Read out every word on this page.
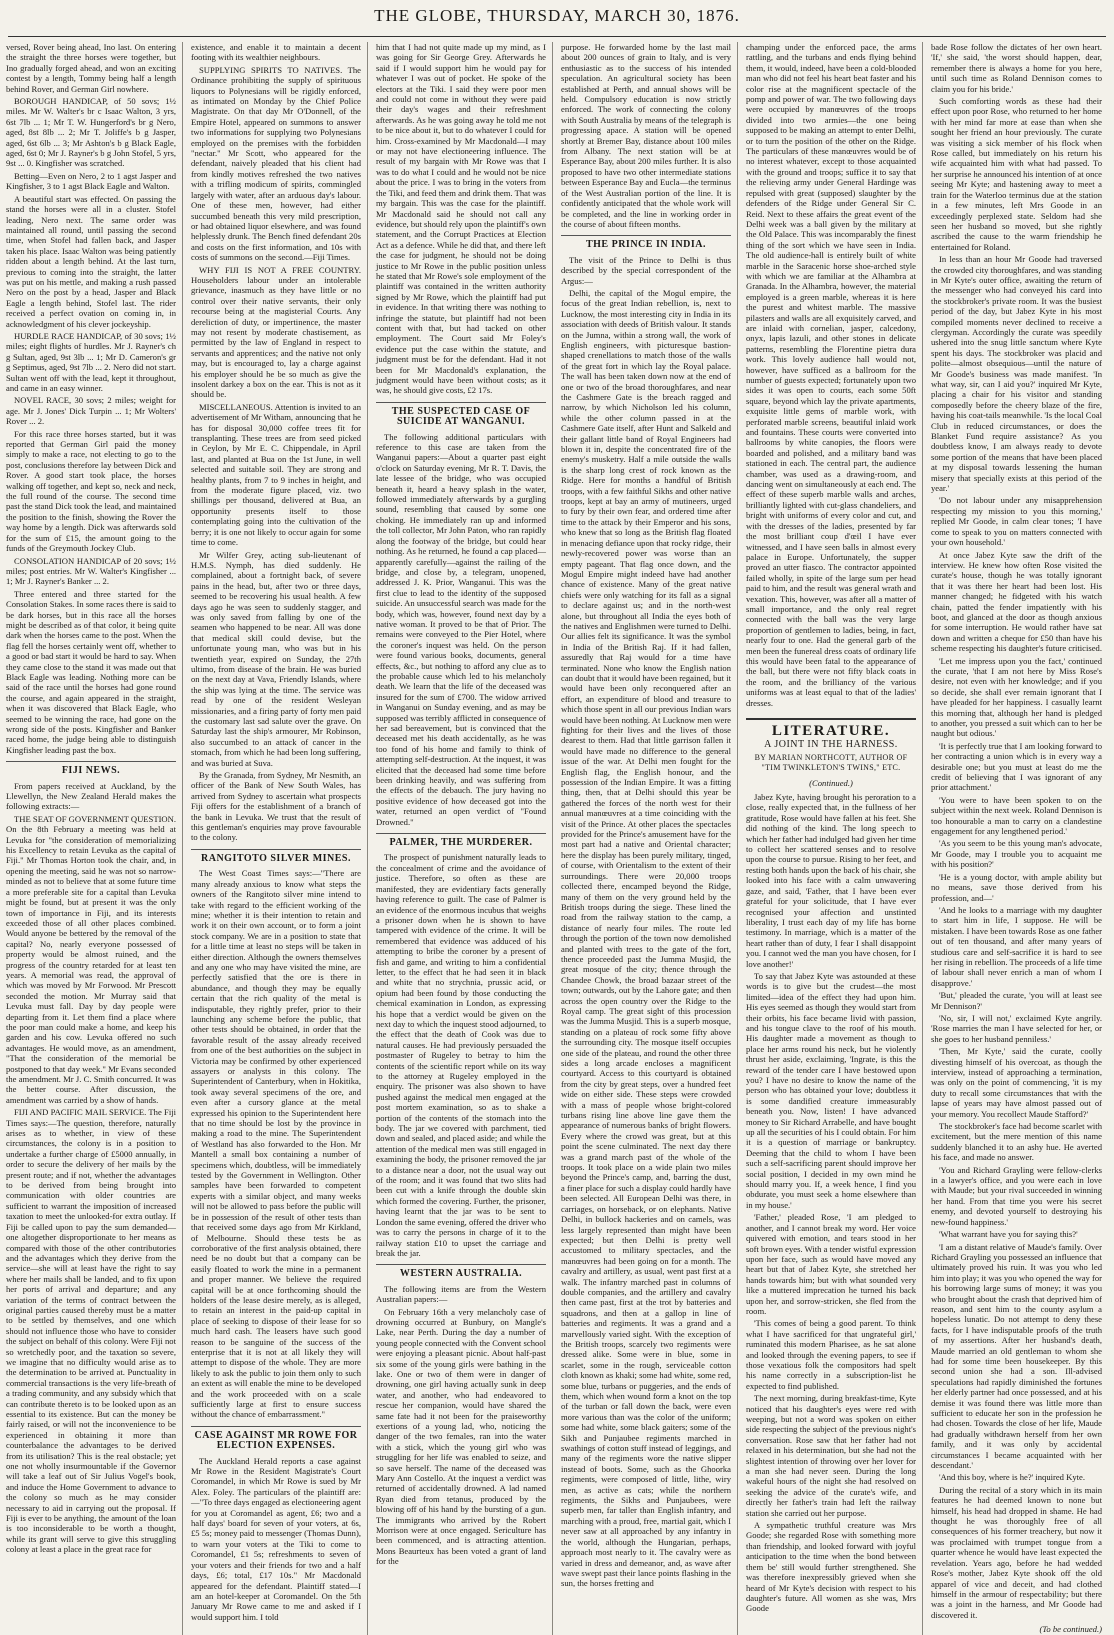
THE GLOBE, THURSDAY, MARCH 30, 1876.

versed, Rover being ahead, Ino last. On entering the straight the three horses were together, but Ino gradually forged ahead, and won an exciting contest by a length, Tommy being half a length behind Rover, and German Girl nowhere.

BOROUGH HANDICAP, of 50 sovs; 1½ miles. Mr W. Walter's br c Isaac Walton, 3 yrs, 6st 7lb ... 1; Mr T. W. Hungerford's br g Nero, aged, 8st 8lb ... 2; Mr T. Joliffe's b g Jasper, aged, 6st 6lb ... 3; Mr Ashton's b g Black Eagle, aged, 6st 0; Mr J. Rayner's b g John Stofel, 5 yrs, 9st ... 0. Kingfisher was scratched.

Betting—Even on Nero, 2 to 1 agst Jasper and Kingfisher, 3 to 1 agst Black Eagle and Walton.

A beautiful start was effected. On passing the stand the horses were all in a cluster. Stofel leading, Nero next. The same order was maintained all round, until passing the second time, when Stofel had fallen back, and Jasper taken his place. Isaac Walton was being patiently ridden about a length behind. At the last turn, previous to coming into the straight, the latter was put on his mettle, and making a rush passed Nero on the post by a head, Jasper and Black Eagle a length behind, Stofel last. The rider received a perfect ovation on coming in, in acknowledgment of his clever jockeyship.

HURDLE RACE HANDICAP, of 30 sovs; 1½ miles; eight flights of hurdles. Mr J. Rayner's ch g Sultan, aged, 9st 3lb ... 1; Mr D. Cameron's gr g Septimus, aged, 9st 7lb ... 2. Nero did not start. Sultan went off with the lead, kept it throughout, and came in an easy winner.

NOVEL RACE, 30 sovs; 2 miles; weight for age. Mr J. Jones' Dick Turpin ... 1; Mr Wolters' Rover ... 2.

For this race three horses started, but it was reported that German Girl paid the money simply to make a race, not electing to go to the post, conclusions therefore lay between Dick and Rover. A good start took place, the horses walking off together, and kept so, neck and neck, the full round of the course. The second time past the stand Dick took the lead, and maintained the position to the finish, showing the Rover the way home by a length. Dick was afterwards sold for the sum of £15, the amount going to the funds of the Greymouth Jockey Club.

CONSOLATION HANDICAP of 20 sovs; 1½ miles; post entries. Mr W. Walter's Kingfisher ... 1; Mr J. Rayner's Banker ... 2.

Three entered and three started for the Consolation Stakes. In some races there is said to be dark horses, but in this race all the horses might be described as of that color, it being quite dark when the horses came to the post. When the flag fell the horses certainly went off, whether to a good or bad start it would be hard to say. When they came close to the stand it was made out that Black Eagle was leading. Nothing more can be said of the race until the horses had gone round the course, and again appeared in the straight, when it was discovered that Black Eagle, who seemed to be winning the race, had gone on the wrong side of the posts. Kingfisher and Banker raced home, the judge being able to distinguish Kingfisher leading past the box.

FIJI NEWS.

From papers received at Auckland, by the Llewellyn, the New Zealand Herald makes the following extracts:—

THE SEAT OF GOVERNMENT QUESTION. On the 8th February a meeting was held at Levuka for "the consideration of memorializing his Excellency to retain Levuka as the capital of Fiji." Mr Thomas Horton took the chair, and, in opening the meeting, said he was not so narrow-minded as not to believe that at some future time a more preferable site for a capital than Levuka might be found, but at present it was the only town of importance in Fiji, and its interests exceeded those of all other places combined. Would anyone be bettered by the removal of the capital? No, nearly everyone possessed of property would be almost ruined, and the progress of the country retarded for at least ten years. A memorial was read, the approval of which was moved by Mr Forwood. Mr Prescott seconded the motion. Mr Murray said that Levuka must fall. Day by day people were departing from it. Let them find a place where the poor man could make a home, and keep his garden and his cow. Levuka offered no such advantages. He would move, as an amendment, "That the consideration of the memorial be postponed to that day week." Mr Evans seconded the amendment. Mr J. C. Smith concurred. It was the better course. After discussion, the amendment was carried by a show of hands.

FIJI AND PACIFIC MAIL SERVICE. The Fiji Times says:—The question, therefore, naturally arises as to whether, in view of these circumstances, the colony is in a position to undertake a further charge of £5000 annually, in order to secure the delivery of her mails by the present route; and if not, whether the advantages to be derived from being brought into communication with older countries are sufficient to warrant the imposition of increased taxation to meet the unlooked-for extra outlay. If Fiji be called upon to pay the sum demanded—one altogether disproportionate to her means as compared with those of the other contributories and the advantages which they derive from the service—she will at least have the right to say where her mails shall be landed, and to fix upon her ports of arrival and departure; and any variation of the terms of contract between the original parties caused thereby must be a matter to be settled by themselves, and one which should not influence those who have to consider the subject on behalf of this colony. Were Fiji not so wretchedly poor, and the taxation so severe, we imagine that no difficulty would arise as to the determination to be arrived at. Punctuality in commercial transactions is the very life-breath of a trading community, and any subsidy which that can contribute thereto is to be looked upon as an essential to its existence. But can the money be fairly raised, or will not the inconvenience to be experienced in obtaining it more than counterbalance the advantages to be derived from its utilisation? This is the real obstacle; yet one not wholly insurmountable if the Governor will take a leaf out of Sir Julius Vogel's book, and induce the Home Government to advance to the colony so much as he may consider necessary to aid in carrying out the proposal. If Fiji is ever to be anything, the amount of the loan is too inconsiderable to be worth a thought, while its grant will serve to give this struggling colony at least a place in the great race for

existence, and enable it to maintain a decent footing with its wealthier neighbours.

SUPPLYING SPIRITS TO NATIVES. The Ordinance prohibiting the supply of spirituous liquors to Polynesians will be rigidly enforced, as intimated on Monday by the Chief Police Magistrate. On that day Mr O'Donnell, of the Empire Hotel, appeared on summons to answer two informations for supplying two Polynesians employed on the premises with the forbidden "nectar." Mr Scott, who appeared for the defendant, naively pleaded that his client had from kindly motives refreshed the two natives with a trifling modicum of spirits, commingled largely with water, after an arduous day's labour. One of these men, however, had either succumbed beneath this very mild prescription, or had obtained liquor elsewhere, and was found helplessly drunk. The Bench fined defendant 20s and costs on the first information, and 10s with costs of summons on the second.—Fiji Times.

WHY FIJI IS NOT A FREE COUNTRY. Householders labour under an intolerable grievance, inasmuch as they have little or no control over their native servants, their only recourse being at the magisterial Courts. Any dereliction of duty, or impertinence, the master may not resent by moderate chastisement, as permitted by the law of England in respect to servants and apprentices; and the native not only may, but is encouraged to, lay a charge against his employer should he be so much as give the insolent darkey a box on the ear. This is not as it should be.

MISCELLANEOUS. Attention is invited to an advertisement of Mr Witham, announcing that he has for disposal 30,000 coffee trees fit for transplanting. These trees are from seed picked in Ceylon, by Mr E. C. Chippendale, in April last, and planted at Bua on the 1st June, in well selected and suitable soil. They are strong and healthy plants, from 7 to 9 inches in height, and from the moderate figure placed, viz. two shillings per thousand, delivered at Bua, an opportunity presents itself to those contemplating going into the cultivation of the berry; it is one not likely to occur again for some time to come.

Mr Wilfer Grey, acting sub-lieutenant of H.M.S. Nymph, has died suddenly. He complained, about a fortnight back, of severe pains in the head, but, after two or three days, seemed to be recovering his usual health. A few days ago he was seen to suddenly stagger, and was only saved from falling by one of the seamen who happened to be near. All was done that medical skill could devise, but the unfortunate young man, who was but in his twentieth year, expired on Sunday, the 27th ultimo, from disease of the brain. He was buried on the next day at Vava, Friendly Islands, where the ship was lying at the time. The service was read by one of the resident Wesleyan missionaries, and a firing party of forty men paid the customary last sad salute over the grave. On Saturday last the ship's armourer, Mr Robinson, also succumbed to an attack of cancer in the stomach, from which he had been long suffering, and was buried at Suva.

By the Granada, from Sydney, Mr Nesmith, an officer of the Bank of New South Wales, has arrived from Sydney to ascertain what prospects Fiji offers for the establishment of a branch of the bank in Levuka. We trust that the result of this gentleman's enquiries may prove favourable to the colony.

RANGITOTO SILVER MINES.

The West Coast Times says:—"There are many already anxious to know what steps the owners of the Rangitoto silver mine intend to take with regard to the efficient working of the mine; whether it is their intention to retain and work it on their own account, or to form a joint stock company. We are in a position to state that for a little time at least no steps will be taken in either direction. Although the owners themselves and any one who may have visited the mine, are perfectly satisfied that the ore is there in abundance, and though they may be equally certain that the rich quality of the metal is indisputable, they rightly prefer, prior to their launching any scheme before the public, that other tests should be obtained, in order that the favorable result of the assay already received from one of the best authorities on the subject in Victoria may be confirmed by other experienced assayers or analysts in this colony. The Superintendent of Canterbury, when in Hokitika, took away several specimens of the ore, and even after a cursory glance at the metal expressed his opinion to the Superintendent here that no time should be lost by the province in making a road to the mine. The Superintendent of Westland has also forwarded to the Hon. Mr Mantell a small box containing a number of specimens which, doubtless, will be immediately tested by the Government in Wellington. Other samples have been forwarded to competent experts with a similar object, and many weeks will not be allowed to pass before the public will be in possession of the result of other tests than that received some days ago from Mr Kirkland, of Melbourne. Should these tests be as corroborative of the first analysis obtained, there need be no doubt but that a company can be easily floated to work the mine in a permanent and proper manner. We believe the required capital will be at once forthcoming should the holders of the lease desire merely, as is alleged, to retain an interest in the paid-up capital in place of seeking to dispose of their lease for so much hard cash. The leasers have such good reason to be sanguine of the success of the enterprise that it is not at all likely they will attempt to dispose of the whole. They are more likely to ask the public to join them only to such an extent as will enable the mine to be developed and the work proceeded with on a scale sufficiently large at first to ensure success without the chance of embarrassment."

CASE AGAINST MR ROWE FOR ELECTION EXPENSES.

The Auckland Herald reports a case against Mr Rowe in the Resident Magistrate's Court Coromandel, in which Mr Rowe is sued by Mr Alex. Foley. The particulars of the plaintiff are:—"To three days engaged as electioneering agent for you at Coromandel as agent, £6; two and a half days' board for seven of your voters, at 6s, £5 5s; money paid to messenger (Thomas Dunn), to warn your voters at the Tiki to come to Coromandel, £1 5s; refreshments to seven of your voters and their friends for two and a half days, £6; total, £17 10s." Mr Macdonald appeared for the defendant. Plaintiff stated—I am an hotel-keeper at Coromandel. On the 5th January Mr Rowe came to me and asked if I would support him. I told

him that I had not quite made up my mind, as I was going for Sir George Grey. Afterwards he said if I would support him he would pay for whatever I was out of pocket. He spoke of the electors at the Tiki. I said they were poor men and could not come in without they were paid their day's wages and their refreshment afterwards. As he was going away he told me not to be nice about it, but to do whatever I could for him. Cross-examined by Mr Macdonald—I may or may not have electioneering influence. The result of my bargain with Mr Rowe was that I was to do what I could and he would not be nice about the price. I was to bring in the voters from the Tiki, and feed them and drink them. That was my bargain. This was the case for the plaintiff. Mr Macdonald said he should not call any evidence, but should rely upon the plaintiff's own statement, and the Corrupt Practices at Election Act as a defence. While he did that, and there left the case for judgment, he should not be doing justice to Mr Rowe in the public position unless he stated that Mr Rowe's sole employment of the plaintiff was contained in the written authority signed by Mr Rowe, which the plaintiff had put in evidence. In that writing there was nothing to infringe the statute, but plaintiff had not been content with that, but had tacked on other employment. The Court said Mr Foley's evidence put the case within the statute, and judgment must be for the defendant. Had it not been for Mr Macdonald's explanation, the judgment would have been without costs; as it was, he should give costs, £2 17s.

THE SUSPECTED CASE OF SUICIDE AT WANGANUI.

The following additional particulars with reference to this case are taken from the Wanganui papers:—About a quarter past eight o'clock on Saturday evening, Mr R. T. Davis, the late lessee of the bridge, who was occupied beneath it, heard a heavy splash in the water, followed immediately afterwards by a gurgling sound, resembling that caused by some one choking. He immediately ran up and informed the toll collector, Mr John Paton, who ran rapidly along the footway of the bridge, but could hear nothing. As he returned, he found a cap placed—apparently carefully—against the railing of the bridge, and close by, a telegram, unopened, addressed J. K. Prior, Wanganui. This was the first clue to lead to the identity of the supposed suicide. An unsuccessful search was made for the body, which was, however, found next day by a native woman. It proved to be that of Prior. The remains were conveyed to the Pier Hotel, where the coroner's inquest was held. On the person were found various books, documents, general effects, &c., but nothing to afford any clue as to the probable cause which led to his melancholy death. We learn that the life of the deceased was insured for the sum of £700. The widow arrived in Wanganui on Sunday evening, and as may be supposed was terribly afflicted in consequence of her sad bereavement, but is convinced that the deceased met his death accidentally, as he was too fond of his home and family to think of attempting self-destruction. At the inquest, it was elicited that the deceased had some time before been drinking heavily, and was suffering from the effects of the debauch. The jury having no positive evidence of how deceased got into the water, returned an open verdict of "Found Drowned."

PALMER, THE MURDERER.

The prospect of punishment naturally leads to the concealment of crime and the avoidance of justice. Therefore, so often as these are manifested, they are evidentiary facts generally having reference to guilt. The case of Palmer is an evidence of the enormous incubus that weighs a prisoner down when he is shown to have tampered with evidence of the crime. It will be remembered that evidence was adduced of his attempting to bribe the coroner by a present of fish and game, and writing to him a confidential letter, to the effect that he had seen it in black and white that no strychnia, prussic acid, or opium had been found by those conducting the chemical examination in London, as expressing his hope that a verdict would be given on the next day to which the inquest stood adjourned, to the effect that the death of Cook was due to natural causes. He had previously persuaded the postmaster of Rugeley to betray to him the contents of the scientific report while on its way to the attorney at Rugeley employed in the enquiry. The prisoner was also shown to have pushed against the medical men engaged at the post mortem examination, so as to shake a portion of the contents of the stomach into the body. The jar we covered with parchment, tied down and sealed, and placed aside; and while the attention of the medical men was still engaged in examining the body, the prisoner removed the jar to a distance near a door, not the usual way out of the room; and it was found that two slits had been cut with a knife through the double skin which formed the covering. Further, the prisoner, having learnt that the jar was to be sent to London the same evening, offered the driver who was to carry the persons in charge of it to the railway station £10 to upset the carriage and break the jar.

WESTERN AUSTRALIA.

The following items are from the Western Australian papers:—

On February 16th a very melancholy case of drowning occurred at Bunbury, on Mangle's Lake, near Perth. During the day a number of young people connected with the Convent school were enjoying a pleasant picnic. About half-past six some of the young girls were bathing in the lake. One or two of them were in danger of drowning, one girl having actually sunk in deep water, and another, who had endeavored to rescue her companion, would have shared the same fate had it not been for the praiseworthy exertions of a young lad, who, noticing the danger of the two females, ran into the water with a stick, which the young girl who was struggling for her life was enabled to seize, and so save herself. The name of the deceased was Mary Ann Costello. At the inquest a verdict was returned of accidentally drowned. A lad named Ryan died from tetanus, produced by the blowing off of his hand by the bursting of a gun. The immigrants who arrived by the Robert Morrison were at once engaged. Sericulture has been commenced, and is attracting attention. Mons Beaurteux has been voted a grant of land for the

purpose. He forwarded home by the last mail about 200 ounces of grain to Italy, and is very enthusiastic as to the success of his intended speculation. An agricultural society has been established at Perth, and annual shows will be held. Compulsory education is now strictly enforced. The work of connecting the colony with South Australia by means of the telegraph is progressing apace. A station will be opened shortly at Bremer Bay, distance about 100 miles from Albany. The next station will be at Esperance Bay, about 200 miles further. It is also proposed to have two other intermediate stations between Esperance Bay and Eucla—the terminus of the West Australian portion of the line. It is confidently anticipated that the whole work will be completed, and the line in working order in the course of about fifteen months.

THE PRINCE IN INDIA.

The visit of the Prince to Delhi is thus described by the special correspondent of the Argus:—

Delhi, the capital of the Mogul empire, the focus of the great Indian rebellion, is, next to Lucknow, the most interesting city in India in its association with deeds of British valour. It stands on the Jumna, within a strong wall, the work of English engineers, with picturesque bastion-shaped crenellations to match those of the walls of the great fort in which lay the Royal palace. The wall has been taken down now at the end of one or two of the broad thoroughfares, and near the Cashmere Gate is the breach ragged and narrow, by which Nicholson led his column, while the other column passed in at the Cashmere Gate itself, after Hunt and Salkeld and their gallant little band of Royal Engineers had blown it in, despite the concentrated fire of the enemy's musketry. Half a mile outside the walls is the sharp long crest of rock known as the Ridge. Here for months a handful of British troops, with a few faithful Sikhs and other native troops, kept at bay an army of mutineers, urged to fury by their own fear, and ordered time after time to the attack by their Emperor and his sons, who knew that so long as the British flag floated in menacing defiance upon that rocky ridge, their newly-recovered power was worse than an empty pageant. That flag once down, and the Mogul Empire might indeed have had another chance of existence. Many of the great native chiefs were only watching for its fall as a signal to declare against us; and in the north-west alone, but throughout all India the eyes both of the natives and Englishmen were turned to Delhi. Our allies felt its significance. It was the symbol in India of the British Raj. If it had fallen, assuredly that Raj would for a time have terminated. None who know the English nation can doubt that it would have been regained, but it would have been only reconquered after an effort, an expenditure of blood and treasure to which those spent in all our previous Indian wars would have been nothing. At Lucknow men were fighting for their lives and the lives of those dearest to them. Had that little garrison fallen it would have made no difference to the general issue of the war. At Delhi men fought for the English flag, the English honour, and the possession of the Indian Empire. It was a fitting thing, then, that at Delhi should this year be gathered the forces of the north west for their annual manœuvres at a time coinciding with the visit of the Prince. At other places the spectacles provided for the Prince's amusement have for the most part had a native and Oriental character; here the display has been purely military, tinged, of course, with Orientalism to the extent of their surroundings. There were 20,000 troops collected there, encamped beyond the Ridge, many of them on the very ground held by the British troops during the siege. These lined the road from the railway station to the camp, a distance of nearly four miles. The route led through the portion of the town now demolished and planted with trees to the gate of the fort, thence proceeded past the Jumma Musjid, the great mosque of the city; thence through the Chandee Chowk, the broad bazaar street of the town; outwards, out by the Lahore gate; and then across the open country over the Ridge to the Royal camp. The great sight of this procession was the Jumma Musjid. This is a superb mosque, standing on a plateau of rock some fifty above the surrounding city. The mosque itself occupies one side of the plateau, and round the other three sides a long arcade encloses a magnificent courtyard. Access to this courtyard is obtained from the city by great steps, over a hundred feet wide on either side. These steps were crowded with a mass of people whose bright-colored turbans rising line above line gave them the appearance of numerous banks of bright flowers. Every where the crowd was great, but at this point the scene culminated. The next day there was a grand march past of the whole of the troops. It took place on a wide plain two miles beyond the Prince's camp, and, barring the dust, a finer place for such a display could hardly have been selected. All European Delhi was there, in carriages, on horseback, or on elephants. Native Delhi, in bullock hackeries and on camels, was less largely represented than might have been expected; but then Delhi is pretty well accustomed to military spectacles, and the manœuvres had been going on for a month. The cavalry and artillery, as usual, went past first at a walk. The infantry marched past in columns of double companies, and the artillery and cavalry then came past, first at the trot by batteries and squadrons, and then at a gallop in line of batteries and regiments. It was a grand and a marvellously varied sight. With the exception of the British troops, scarcely two regiments were dressed alike. Some were in blue, some in scarlet, some in the rough, serviceable cotton cloth known as khaki; some had white, some red, some blue, turbans or puggeries, and the ends of them, which when wound form a knot on the top of the turban or fall down the back, were even more various than was the color of the uniform; some had white, some black gaiters; some of the Sikh and Punjaubee regiments marched in swathings of cotton stuff instead of leggings, and many of the regiments wore the native slipper instead of boots. Some, such as the Ghoorka regiments, were composed of little, lithe, wiry men, as active as cats; while the northern regiments, the Sikhs and Punjaubees, were superb men, far taller than English infantry, and marching with a proud, free, martial gait, which I never saw at all approached by any infantry in the world, although the Hungarian, perhaps, approach most nearly to it. The cavalry were as varied in dress and demeanor, and, as wave after wave swept past their lance points flashing in the sun, the horses fretting and

champing under the enforced pace, the arms rattling, and the turbans and ends flying behind them, it would, indeed, have been a cold-blooded man who did not feel his heart beat faster and his color rise at the magnificent spectacle of the pomp and power of war. The two following days were occupied by manœuvres of the troops divided into two armies—the one being supposed to be making an attempt to enter Delhi, or to turn the position of the other on the Ridge. The particulars of these manœuvres would be of no interest whatever, except to those acquainted with the ground and troops; suffice it to say that the relieving army under General Hardinge was repulsed with great (supposed) slaughter by the defenders of the Ridge under General Sir C. Reid. Next to these affairs the great event of the Delhi week was a ball given by the military at the Old Palace. This was incomparably the finest thing of the sort which we have seen in India. The old audience-hall is entirely built of white marble in the Saracenic horse shoe-arched style with which we are familiar at the Alhambra at Granada. In the Alhambra, however, the material employed is a green marble, whereas it is here the purest and whitest marble. The massive pilasters and walls are all exquisitely carved, and are inlaid with cornelian, jasper, calcedony, onyx, lapis lazuli, and other stones in delicate patterns, resembling the Florentine pietra dura work. This lovely audience hall would not, however, have sufficed as a ballroom for the number of guests expected; fortunately upon two sides it was open to courts, each some 50ft square, beyond which lay the private apartments, exquisite little gems of marble work, with perforated marble screens, beautiful inlaid work and fountains. These courts were converted into ballrooms by white canopies, the floors were boarded and polished, and a military band was stationed in each. The central part, the audience chamber, was used as a drawing-room, and dancing went on simultaneously at each end. The effect of these superb marble walls and arches, brilliantly lighted with cut-glass chandeliers, and bright with uniforms of every color and cut, and with the dresses of the ladies, presented by far the most brilliant coup d'œil I have ever witnessed, and I have seen balls in almost every palace in Europe. Unfortunately, the supper proved an utter fiasco. The contractor appointed failed wholly, in spite of the large sum per head paid to him, and the result was general wrath and vexation. This, however, was after all a matter of small importance, and the only real regret connected with the ball was the very large proportion of gentlemen to ladies, being, in fact, nearly four to one. Had the general garb of the men been the funereal dress coats of ordinary life this would have been fatal to the appearance of the ball, but there were not fifty black coats in the room, and the brilliancy of the various uniforms was at least equal to that of the ladies' dresses.

LITERATURE.
A JOINT IN THE HARNESS.
BY MARIAN NORTHCOTT, AUTHOR OF "TIM TWINKLETON'S TWINS," ETC.
(Continued.)

Jabez Kyte, having brought his peroration to a close, really expected that, in the fullness of her gratitude, Rose would have fallen at his feet. She did nothing of the kind. The long speech to which her father had indulged had given her time to collect her scattered senses and to resolve upon the course to pursue. Rising to her feet, and resting both hands upon the back of his chair, she looked into his face with a calm unwavering gaze, and said, 'Father, that I have been ever grateful for your solicitude, that I have ever recognised your affection and unstinted liberality, I trust each day of my life has borne testimony. In marriage, which is a matter of the heart rather than of duty, I fear I shall disappoint you. I cannot wed the man you have chosen, for I love another!'

To say that Jabez Kyte was astounded at these words is to give but the crudest—the most limited—idea of the effect they had upon him. His eyes seemed as though they would start from their orbits, his face became livid with passion, and his tongue clave to the roof of his mouth. His daughter made a movement as though to place her arms round his neck, but he violently thrust her aside, exclaiming, 'Ingrate, is this the reward of the tender care I have bestowed upon you? I have no desire to know the name of the person who has obtained your love; doubtless it is some dandified creature immeasurably beneath you. Now, listen! I have advanced money to Sir Richard Arrabelle, and have bought up all the securities of his I could obtain. For him it is a question of marriage or bankruptcy. Deeming that the child to whom I have been such a self-sacrificing parent should improve her social position, I decided in my own mind he should marry you. If, a week hence, I find you obdurate, you must seek a home elsewhere than in my house.'

'Father,' pleaded Rose, 'I am pledged to another, and I cannot break my word. Her voice quivered with emotion, and tears stood in her soft brown eyes. With a tender wistful expression upon her face, such as would have moved any heart but that of Jabez Kyte, she stretched her hands towards him; but with what sounded very like a muttered imprecation he turned his back upon her, and sorrow-stricken, she fled from the room.

'This comes of being a good parent. To think what I have sacrificed for that ungrateful girl,' ruminated this modern Pharisee, as he sat alone and looked through the evening papers, to see if those vexatious folk the compositors had spelt his name correctly in a subscription-list he expected to find published.

The next morning, during breakfast-time, Kyte noticed that his daughter's eyes were red with weeping, but not a word was spoken on either side respecting the subject of the previous night's conversation. Rose saw that her father had not relaxed in his determination, but she had not the slightest intention of throwing over her lover for a man she had never seen. During the long wakeful hours of the night she had resolved on seeking the advice of the curate's wife, and directly her father's train had left the railway station she carried out her purpose.

A sympathetic truthful creature was Mrs Goode; she regarded Rose with something more than friendship, and looked forward with joyful anticipation to the time when the bond between them be' still would further strengthened. She was therefore inexpressibly grieved when she heard of Mr Kyte's decision with respect to his daughter's future. All women as she was, Mrs Goode

bade Rose follow the dictates of her own heart. 'If,' she said, 'the worst should happen, dear, remember there is always a home for you here, until such time as Roland Dennison comes to claim you for his bride.'

Such comforting words as these had their effect upon poor Rose, who returned to her home with her mind far more at ease than when she sought her friend an hour previously. The curate was visiting a sick member of his flock when Rose called, but immediately on his return his wife acquainted him with what had passed. To her surprise he announced his intention of at once seeing Mr Kyte; and hastening away to meet a train for the Waterloo terminus due at the station in a few minutes, left Mrs Goode in an exceedingly perplexed state. Seldom had she seen her husband so moved, but she rightly ascribed the cause to the warm friendship he entertained for Roland.

In less than an hour Mr Goode had traversed the crowded city thoroughfares, and was standing in Mr Kyte's outer office, awaiting the return of the messenger who had conveyed his card into the stockbroker's private room. It was the busiest period of the day, but Jabez Kyte in his most compiled moments never declined to receive a clergyman. Accordingly the curate was speedily ushered into the snug little sanctum where Kyte spent his days. The stockbroker was placid and polite—almost obsequious—until the nature of Mr Goode's business was made manifest. 'In what way, sir, can I aid you?' inquired Mr Kyte, placing a chair for his visitor and standing composedly before the cheery blaze of the fire, having his coat-tails meanwhile. 'Is the local Coal Club in reduced circumstances, or does the Blanket Fund require assistance? As you doubtless know, I am always ready to devote some portion of the means that have been placed at my disposal towards lessening the human misery that specially exists at this period of the year.'

'Do not labour under any misapprehension respecting my mission to you this morning,' replied Mr Goode, in calm clear tones; 'I have come to speak to you on matters connected with your own household.'

At once Jabez Kyte saw the drift of the interview. He knew how often Rose visited the curate's house, though he was totally ignorant that it was there her heart had been lost. His manner changed; he fidgeted with his watch chain, patted the fender impatiently with his boot, and glanced at the door as though anxious for some interruption. He would rather have sat down and written a cheque for £50 than have his scheme respecting his daughter's future criticised.

'Let me impress upon you the fact,' continued the curate, 'that I am not here by Miss Rose's desire, not even with her knowledge; and if you so decide, she shall ever remain ignorant that I have pleaded for her happiness. I casually learnt this morning that, although her hand is pledged to another, you pressed a suit which can to her be naught but odious.'

'It is perfectly true that I am looking forward to her contracting a union which is in every way a desirable one; but you must at least do me the credit of believing that I was ignorant of any prior attachment.'

'You were to have been spoken to on the subject within the next week. Roland Dennison is too honourable a man to carry on a clandestine engagement for any lengthened period.'

'As you seem to be this young man's advocate, Mr Goode, may I trouble you to acquaint me with his position?'

'He is a young doctor, with ample ability but no means, save those derived from his profession, and—'

'And he looks to a marriage with my daughter to start him in life, I suppose. He will be mistaken. I have been towards Rose as one father out of ten thousand, and after many years of studious care and self-sacrifice it is hard to see her rising in rebellion. The proceeds of a life time of labour shall never enrich a man of whom I disapprove.'

'But,' pleaded the curate, 'you will at least see Mr Dennison?'

'No, sir, I will not,' exclaimed Kyte angrily. 'Rose marries the man I have selected for her, or she goes to her husband penniless.'

'Then, Mr Kyte,' said the curate, coolly divesting himself of his overcoat, as though the interview, instead of approaching a termination, was only on the point of commencing, 'it is my duty to recall some circumstances that with the lapse of years may have almost passed out of your memory. You recollect Maude Stafford?'

The stockbroker's face had become scarlet with excitement, but the mere mention of this name suddenly blanched it to an ashy hue. He averted his face, and made no answer.

'You and Richard Grayling were fellow-clerks in a lawyer's office, and you were each in love with Maude; but your rival succeeded in winning her hand. From that time you were his secret enemy, and devoted yourself to destroying his new-found happiness.'

'What warrant have you for saying this?'

'I am a distant relative of Maude's family. Over Richard Grayling you possessed an influence that ultimately proved his ruin. It was you who led him into play; it was you who opened the way for his borrowing large sums of money; it was you who brought about the crash that deprived him of reason, and sent him to the county asylum a hopeless lunatic. Do not attempt to deny these facts, for I have indisputable proofs of the truth of my assertions. After her husband's death, Maude married an old gentleman to whom she had for some time been housekeeper. By this second union she had a son. Ill-advised speculations had rapidly diminished the fortunes her elderly partner had once possessed, and at his demise it was found there was little more than sufficient to educate her son in the profession he had chosen. Towards the close of her life, Maude had gradually withdrawn herself from her own family, and it was only by accidental circumstances I became acquainted with her descendant.'

'And this boy, where is he?' inquired Kyte.

During the recital of a story which in its main features he had deemed known to none but himself, his head had dropped in shame. He had thought he was thoroughly free of all consequences of his former treachery, but now it was proclaimed with trumpet tongue from a quarter whence he would have least expected the revelation. Years ago, before he had wedded Rose's mother, Jabez Kyte shook off the old apparel of vice and deceit, and had clothed himself in the armour of respectability; but there was a joint in the harness, and Mr Goode had discovered it.

(To be continued.)
